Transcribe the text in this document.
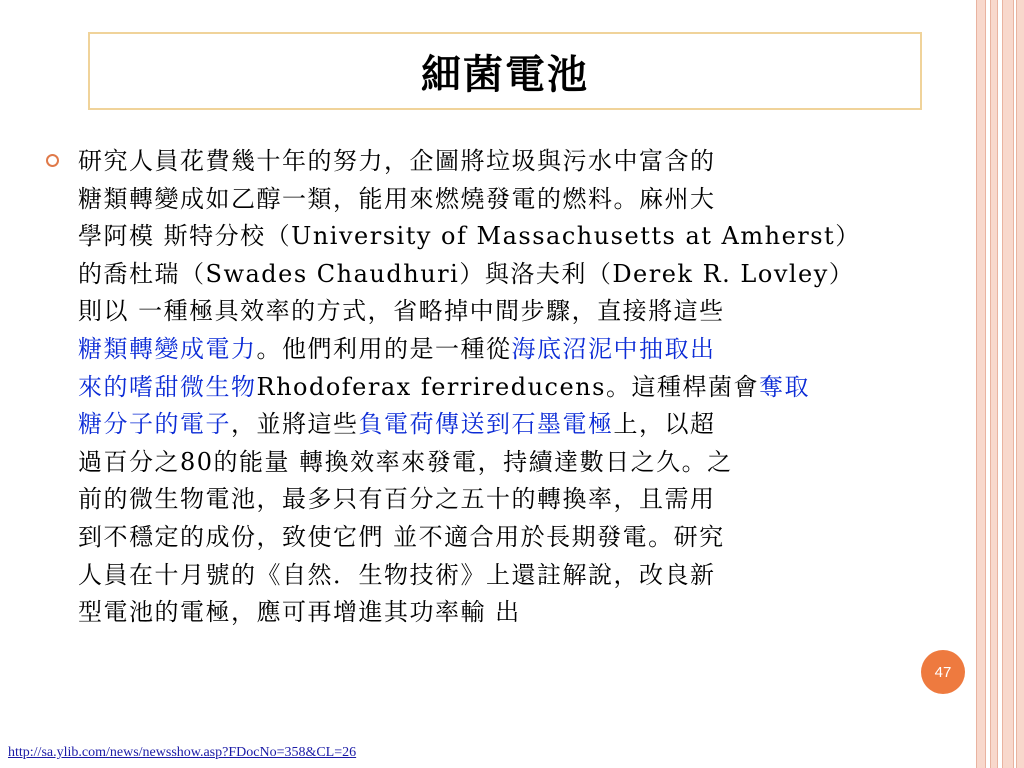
細菌電池
研究人員花費幾十年的努力，企圖將垃圾與污水中富含的
糖類轉變成如乙醇一類，能用來燃燒發電的燃料。麻州大
學阿模 斯特分校（University of Massachusetts at Amherst）
的喬杜瑞（Swades Chaudhuri）與洛夫利（Derek R. Lovley）
則以 一種極具效率的方式，省略掉中間步驟，直接將這些
糖類轉變成電力。他們利用的是一種從海底沼泥中抽取出
來的嗜甜微生物Rhodoferax ferrireducens。這種桿菌會奪取
糖分子的電子，並將這些負電荷傳送到石墨電極上，以超
過百分之80的能量 轉換效率來發電，持續達數日之久。之
前的微生物電池，最多只有百分之五十的轉換率，且需用
到不穩定的成份，致使它們 並不適合用於長期發電。研究
人員在十月號的《自然．生物技術》上還註解說，改良新
型電池的電極，應可再增進其功率輸 出
47
http://sa.ylib.com/news/newsshow.asp?FDocNo=358&CL=26
